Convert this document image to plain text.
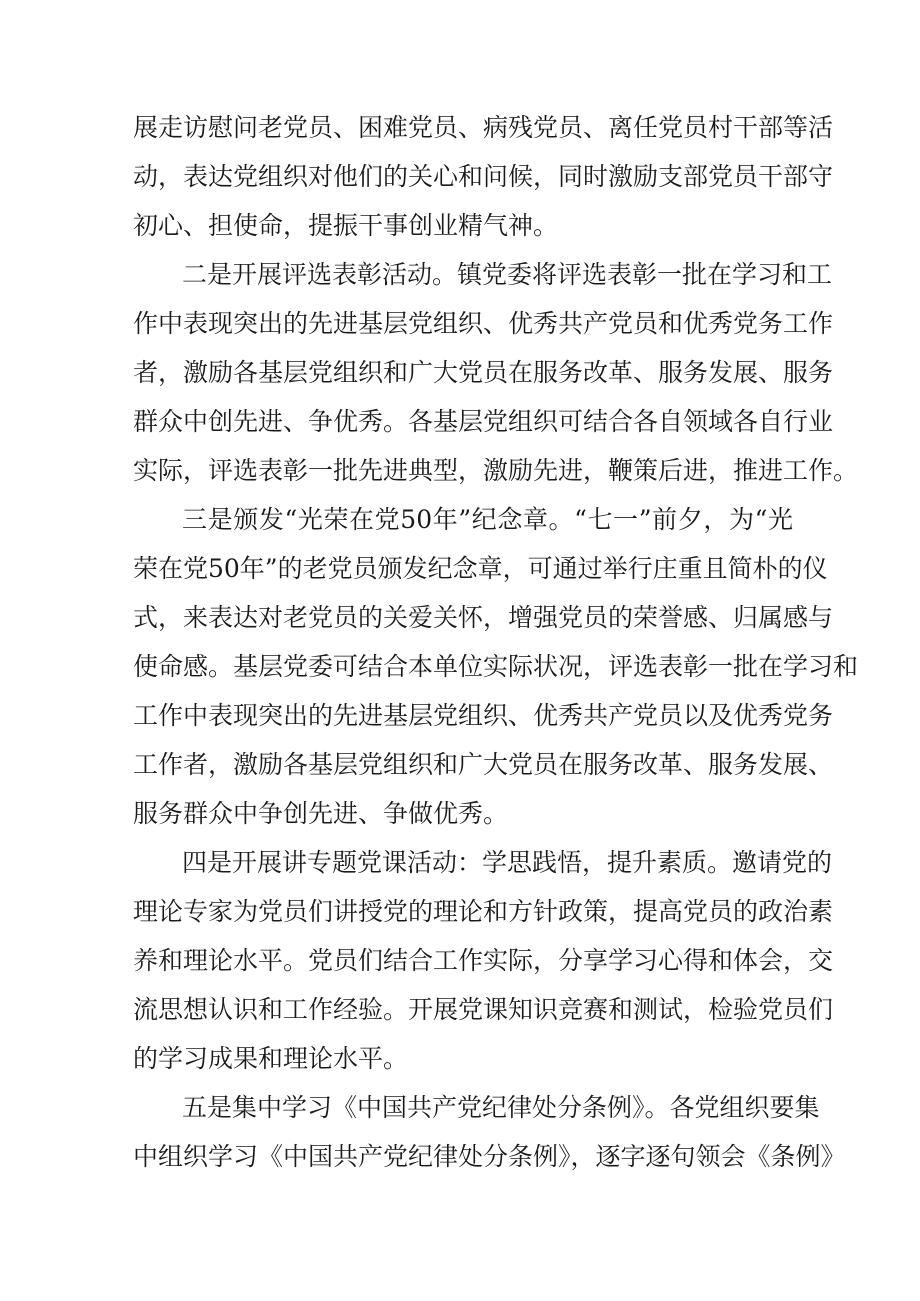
展走访慰问老党员、困难党员、病残党员、离任党员村干部等活
动，表达党组织对他们的关心和问候，同时激励支部党员干部守
初心、担使命，提振干事创业精气神。
二是开展评选表彰活动。镇党委将评选表彰一批在学习和工
作中表现突出的先进基层党组织、优秀共产党员和优秀党务工作
者，激励各基层党组织和广大党员在服务改革、服务发展、服务
群众中创先进、争优秀。各基层党组织可结合各自领域各自行业
实际，评选表彰一批先进典型，激励先进，鞭策后进，推进工作。
三是颁发“光荣在党50年”纪念章。“七一”前夕，为“光
荣在党50年”的老党员颁发纪念章，可通过举行庄重且简朴的仪
式，来表达对老党员的关爱关怀，增强党员的荣誉感、归属感与
使命感。基层党委可结合本单位实际状况，评选表彰一批在学习和
工作中表现突出的先进基层党组织、优秀共产党员以及优秀党务
工作者，激励各基层党组织和广大党员在服务改革、服务发展、
服务群众中争创先进、争做优秀。
四是开展讲专题党课活动：学思践悟，提升素质。邀请党的
理论专家为党员们讲授党的理论和方针政策，提高党员的政治素
养和理论水平。党员们结合工作实际，分享学习心得和体会，交
流思想认识和工作经验。开展党课知识竞赛和测试，检验党员们
的学习成果和理论水平。
五是集中学习《中国共产党纪律处分条例》。各党组织要集
中组织学习《中国共产党纪律处分条例》，逐字逐句领会《条例》
